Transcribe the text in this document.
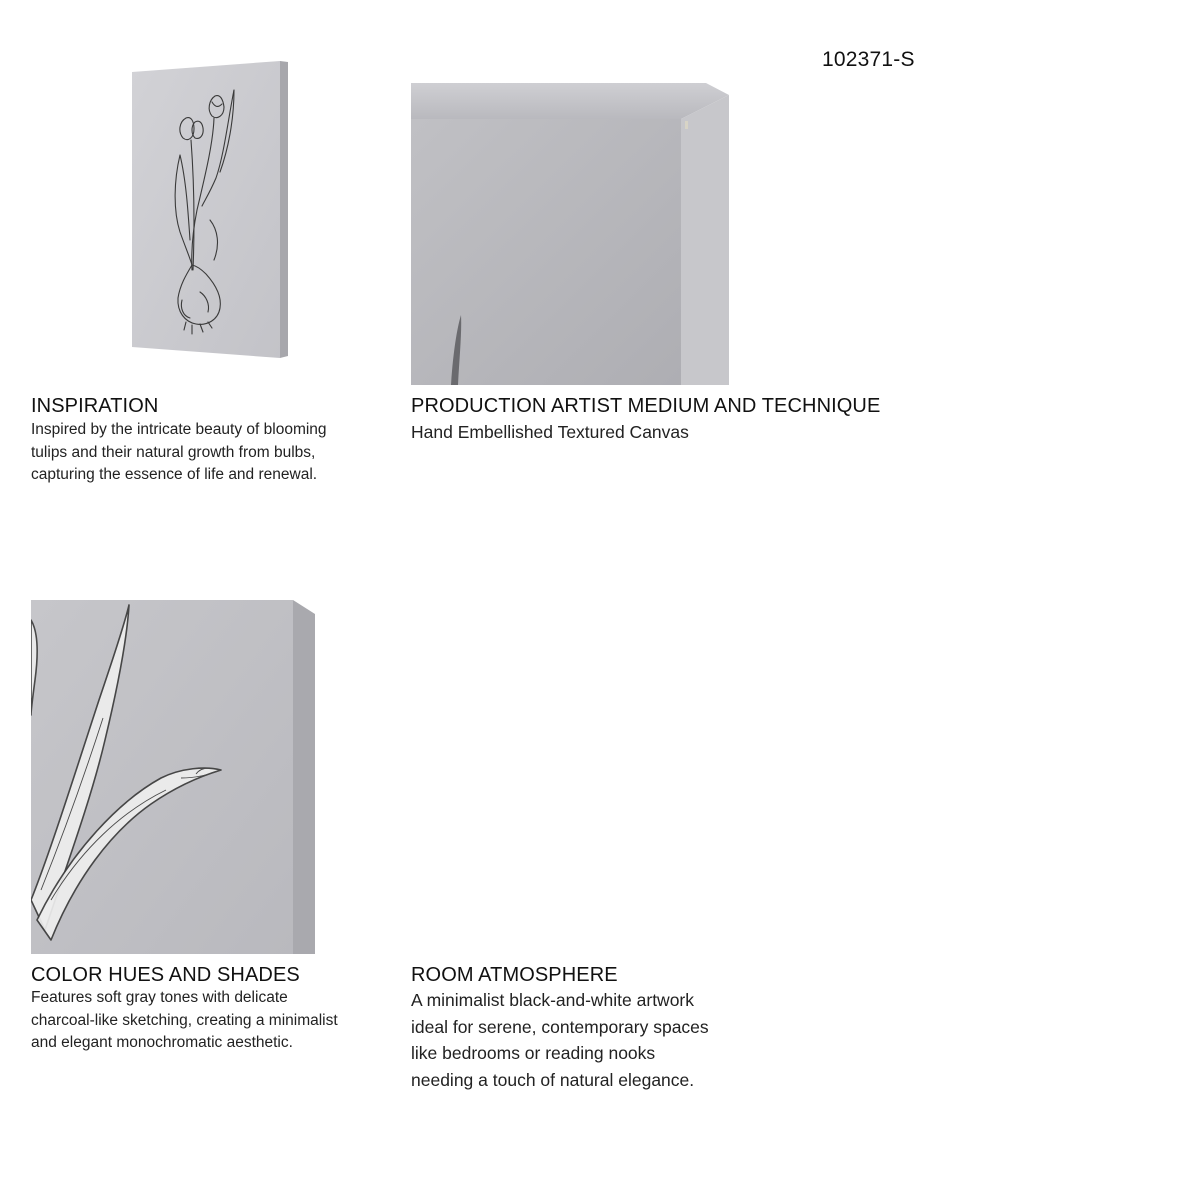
102371-S
INSPIRATION
Inspired by the intricate beauty of blooming
tulips and their natural growth from bulbs,
capturing the essence of life and renewal.
PRODUCTION ARTIST MEDIUM AND TECHNIQUE
Hand Embellished Textured Canvas
COLOR HUES AND SHADES
Features soft gray tones with delicate
charcoal-like sketching, creating a minimalist
and elegant monochromatic aesthetic.
ROOM ATMOSPHERE
A minimalist black-and-white artwork
ideal for serene, contemporary spaces
like bedrooms or reading nooks
needing a touch of natural elegance.
